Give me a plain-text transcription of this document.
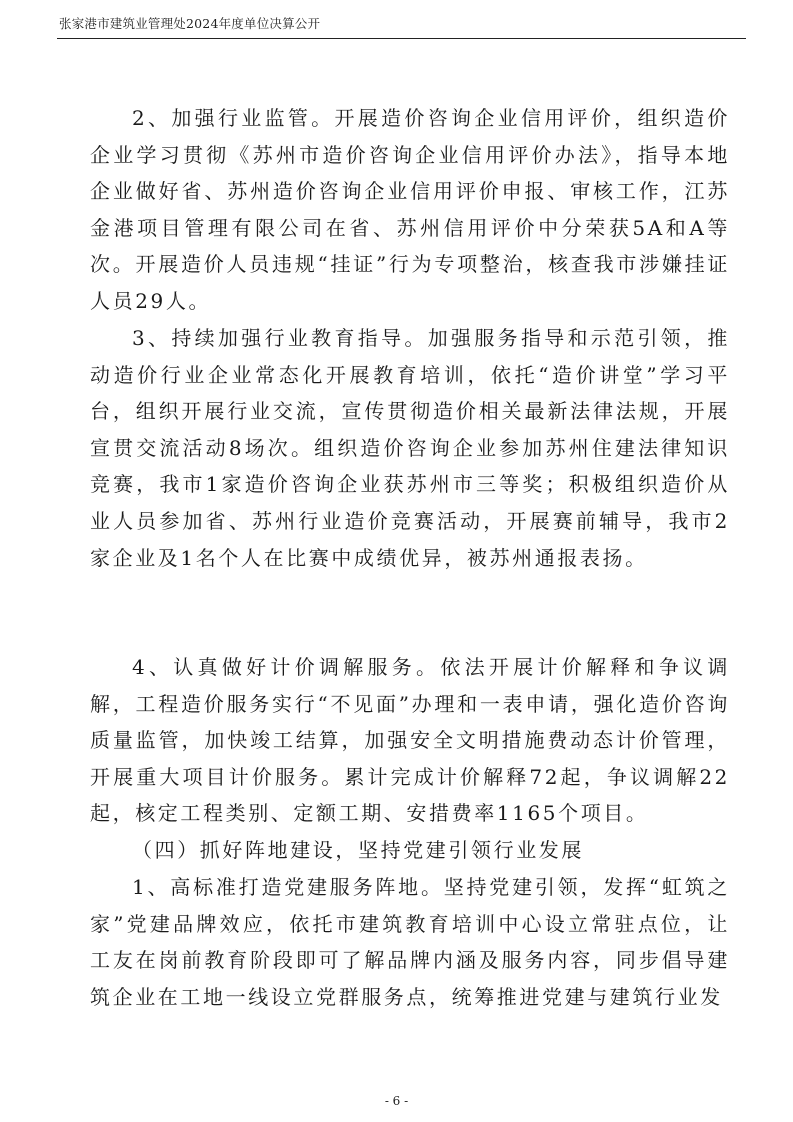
张家港市建筑业管理处2024年度单位决算公开

2、加强行业监管。开展造价咨询企业信用评价，组织造价企业学习贯彻《苏州市造价咨询企业信用评价办法》，指导本地企业做好省、苏州造价咨询企业信用评价申报、审核工作，江苏金港项目管理有限公司在省、苏州信用评价中分荣获5A和A等次。开展造价人员违规“挂证”行为专项整治，核查我市涉嫌挂证人员29人。

3、持续加强行业教育指导。加强服务指导和示范引领，推动造价行业企业常态化开展教育培训，依托“造价讲堂”学习平台，组织开展行业交流，宣传贯彻造价相关最新法律法规，开展宣贯交流活动8场次。组织造价咨询企业参加苏州住建法律知识竞赛，我市1家造价咨询企业获苏州市三等奖；积极组织造价从业人员参加省、苏州行业造价竞赛活动，开展赛前辅导，我市2家企业及1名个人在比赛中成绩优异，被苏州通报表扬。

4、认真做好计价调解服务。依法开展计价解释和争议调解，工程造价服务实行“不见面”办理和一表申请，强化造价咨询质量监管，加快竣工结算，加强安全文明措施费动态计价管理，开展重大项目计价服务。累计完成计价解释72起，争议调解22起，核定工程类别、定额工期、安措费率1165个项目。

（四）抓好阵地建设，坚持党建引领行业发展

1、高标准打造党建服务阵地。坚持党建引领，发挥“虹筑之家”党建品牌效应，依托市建筑教育培训中心设立常驻点位，让工友在岗前教育阶段即可了解品牌内涵及服务内容，同步倡导建筑企业在工地一线设立党群服务点，统筹推进党建与建筑行业发

- 6 -
